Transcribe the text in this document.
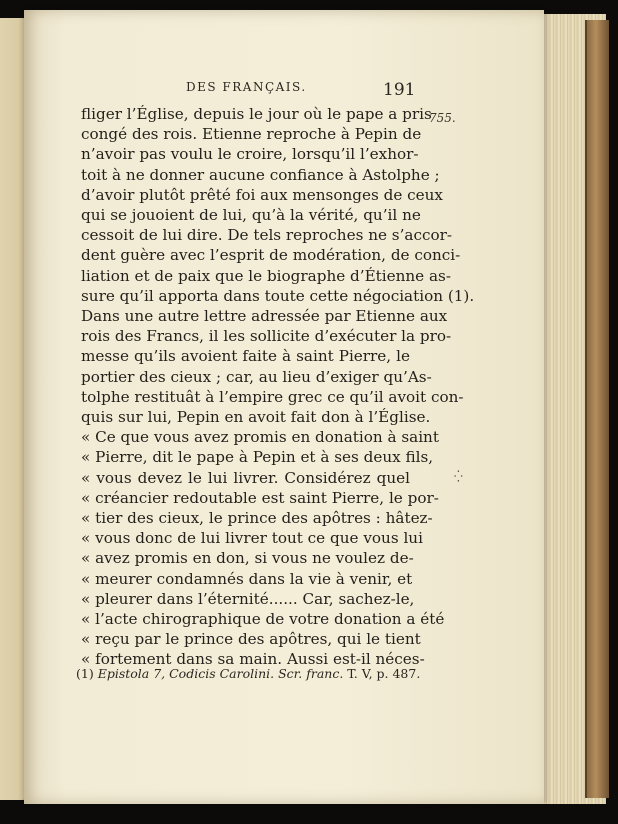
DES FRANÇAIS.	191
755.

fliger l’Église, depuis le jour où le pape a pris
congé des rois. Etienne reproche à Pepin de
n’avoir pas voulu le croire, lorsqu’il l’exhor-
toit à ne donner aucune confiance à Astolphe ;
d’avoir plutôt prêté foi aux mensonges de ceux
qui se jouoient de lui, qu’à la vérité, qu’il ne
cessoit de lui dire. De tels reproches ne s’accor-
dent guère avec l’esprit de modération, de conci-
liation et de paix que le biographe d’Étienne as-
sure qu’il apporta dans toute cette négociation (1).
Dans une autre lettre adressée par Etienne aux
rois des Francs, il les sollicite d’exécuter la pro-
messe qu’ils avoient faite à saint Pierre, le
portier des cieux ; car, au lieu d’exiger qu’As-
tolphe restituât à l’empire grec ce qu’il avoit con-
quis sur lui, Pepin en avoit fait don à l’Église.
« Ce que vous avez promis en donation à saint
« Pierre, dit le pape à Pepin et à ses deux fils,
« vous devez le lui livrer. Considérez quel
« créancier redoutable est saint Pierre, le por-
« tier des cieux, le prince des apôtres : hâtez-
« vous donc de lui livrer tout ce que vous lui
« avez promis en don, si vous ne voulez de-
« meurer condamnés dans la vie à venir, et
« pleurer dans l’éternité...... Car, sachez-le,
« l’acte chirographique de votre donation a été
« reçu par le prince des apôtres, qui le tient
« fortement dans sa main. Aussi est-il néces-

⁛
(1) Epistola 7, Codicis Carolini. Scr. franc. T. V, p. 487.
